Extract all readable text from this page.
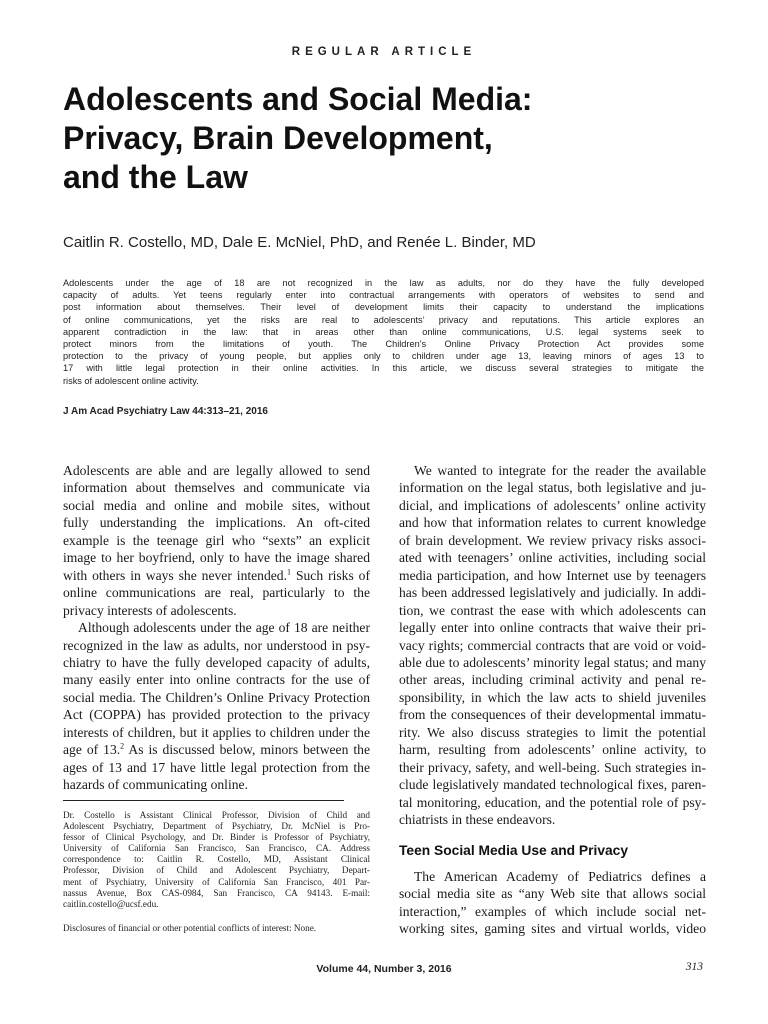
REGULAR ARTICLE
Adolescents and Social Media:
Privacy, Brain Development,
and the Law

Caitlin R. Costello, MD, Dale E. McNiel, PhD, and Renée L. Binder, MD

Adolescents under the age of 18 are not recognized in the law as adults, nor do they have the fully developed
capacity of adults. Yet teens regularly enter into contractual arrangements with operators of websites to send and
post information about themselves. Their level of development limits their capacity to understand the implications
of online communications, yet the risks are real to adolescents’ privacy and reputations. This article explores an
apparent contradiction in the law: that in areas other than online communications, U.S. legal systems seek to
protect minors from the limitations of youth. The Children’s Online Privacy Protection Act provides some
protection to the privacy of young people, but applies only to children under age 13, leaving minors of ages 13 to
17 with little legal protection in their online activities. In this article, we discuss several strategies to mitigate the
risks of adolescent online activity.
J Am Acad Psychiatry Law 44:313–21, 2016
Adolescents are able and are legally allowed to send
information about themselves and communicate via
social media and online and mobile sites, without
fully understanding the implications. An oft-cited
example is the teenage girl who “sexts” an explicit
image to her boyfriend, only to have the image shared
with others in ways she never intended.$^1$ Such risks of
online communications are real, particularly to the
privacy interests of adolescents.
Although adolescents under the age of 18 are neither
recognized in the law as adults, nor understood in psy-
chiatry to have the fully developed capacity of adults,
many easily enter into online contracts for the use of
social media. The Children’s Online Privacy Protection
Act (COPPA) has provided protection to the privacy
interests of children, but it applies to children under the
age of 13.$^2$ As is discussed below, minors between the
ages of 13 and 17 have little legal protection from the
hazards of communicating online.
Dr. Costello is Assistant Clinical Professor, Division of Child and
Adolescent Psychiatry, Department of Psychiatry, Dr. McNiel is Pro-
fessor of Clinical Psychology, and Dr. Binder is Professor of Psychiatry,
University of California San Francisco, San Francisco, CA. Address
correspondence to: Caitlin R. Costello, MD, Assistant Clinical
Professor, Division of Child and Adolescent Psychiatry, Depart-
ment of Psychiatry, University of California San Francisco, 401 Par-
nassus Avenue, Box CAS-0984, San Francisco, CA 94143. E-mail:
caitlin.costello@ucsf.edu.
Disclosures of financial or other potential conflicts of interest: None.
We wanted to integrate for the reader the available
information on the legal status, both legislative and ju-
dicial, and implications of adolescents’ online activity
and how that information relates to current knowledge
of brain development. We review privacy risks associ-
ated with teenagers’ online activities, including social
media participation, and how Internet use by teenagers
has been addressed legislatively and judicially. In addi-
tion, we contrast the ease with which adolescents can
legally enter into online contracts that waive their pri-
vacy rights; commercial contracts that are void or void-
able due to adolescents’ minority legal status; and many
other areas, including criminal activity and penal re-
sponsibility, in which the law acts to shield juveniles
from the consequences of their developmental immatu-
rity. We also discuss strategies to limit the potential
harm, resulting from adolescents’ online activity, to
their privacy, safety, and well-being. Such strategies in-
clude legislatively mandated technological fixes, paren-
tal monitoring, education, and the potential role of psy-
chiatrists in these endeavors.
Teen Social Media Use and Privacy
The American Academy of Pediatrics defines a
social media site as “any Web site that allows social
interaction,” examples of which include social net-
working sites, gaming sites and virtual worlds, video
Volume 44, Number 3, 2016	313
